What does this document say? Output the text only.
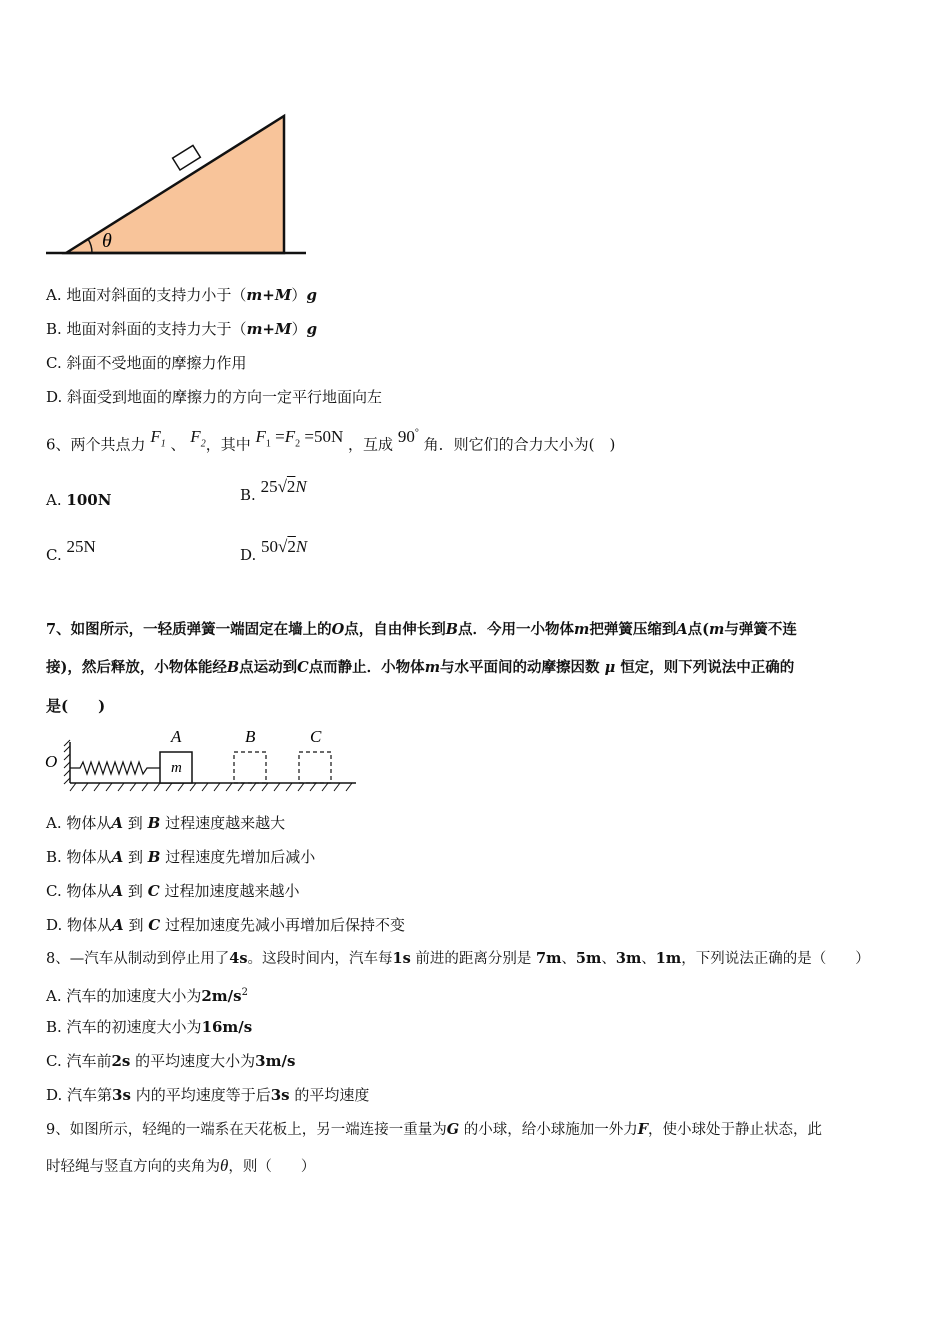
θ
A. 地面对斜面的支持力小于（m+M）g
B. 地面对斜面的支持力大于（m+M）g
C. 斜面不受地面的摩擦力作用
D. 斜面受到地面的摩擦力的方向一定平行地面向左
6、两个共点力 $F_1$ 、 $F_2$，其中 $F_1 =F_2 =50N$ ，互成 90° 角．则它们的合力大小为(　)
A. 100N	B. 25√2N
C. 25N	D. 50√2N
7、如图所示，一轻质弹簧一端固定在墙上的O点，自由伸长到B点．今用一小物体m把弹簧压缩到A点(m与弹簧不连
接)，然后释放，小物体能经B点运动到C点而静止．小物体m与水平面间的动摩擦因数 μ 恒定，则下列说法中正确的
是(　　)
O	m
A	B	C
A. 物体从A 到 B 过程速度越来越大
B. 物体从A 到 B 过程速度先增加后减小
C. 物体从A 到 C 过程加速度越来越小
D. 物体从A 到 C 过程加速度先减小再增加后保持不变
8、—汽车从制动到停止用了4s。这段时间内，汽车每1s 前进的距离分别是 7m、5m、3m、1m，下列说法正确的是（　　）
A. 汽车的加速度大小为$2m/s^2$
B. 汽车的初速度大小为16m/s
C. 汽车前2s 的平均速度大小为3m/s
D. 汽车第3s 内的平均速度等于后3s 的平均速度
9、如图所示，轻绳的一端系在天花板上，另一端连接一重量为G 的小球，给小球施加一外力F，使小球处于静止状态，此
时轻绳与竖直方向的夹角为θ，则（　　）
